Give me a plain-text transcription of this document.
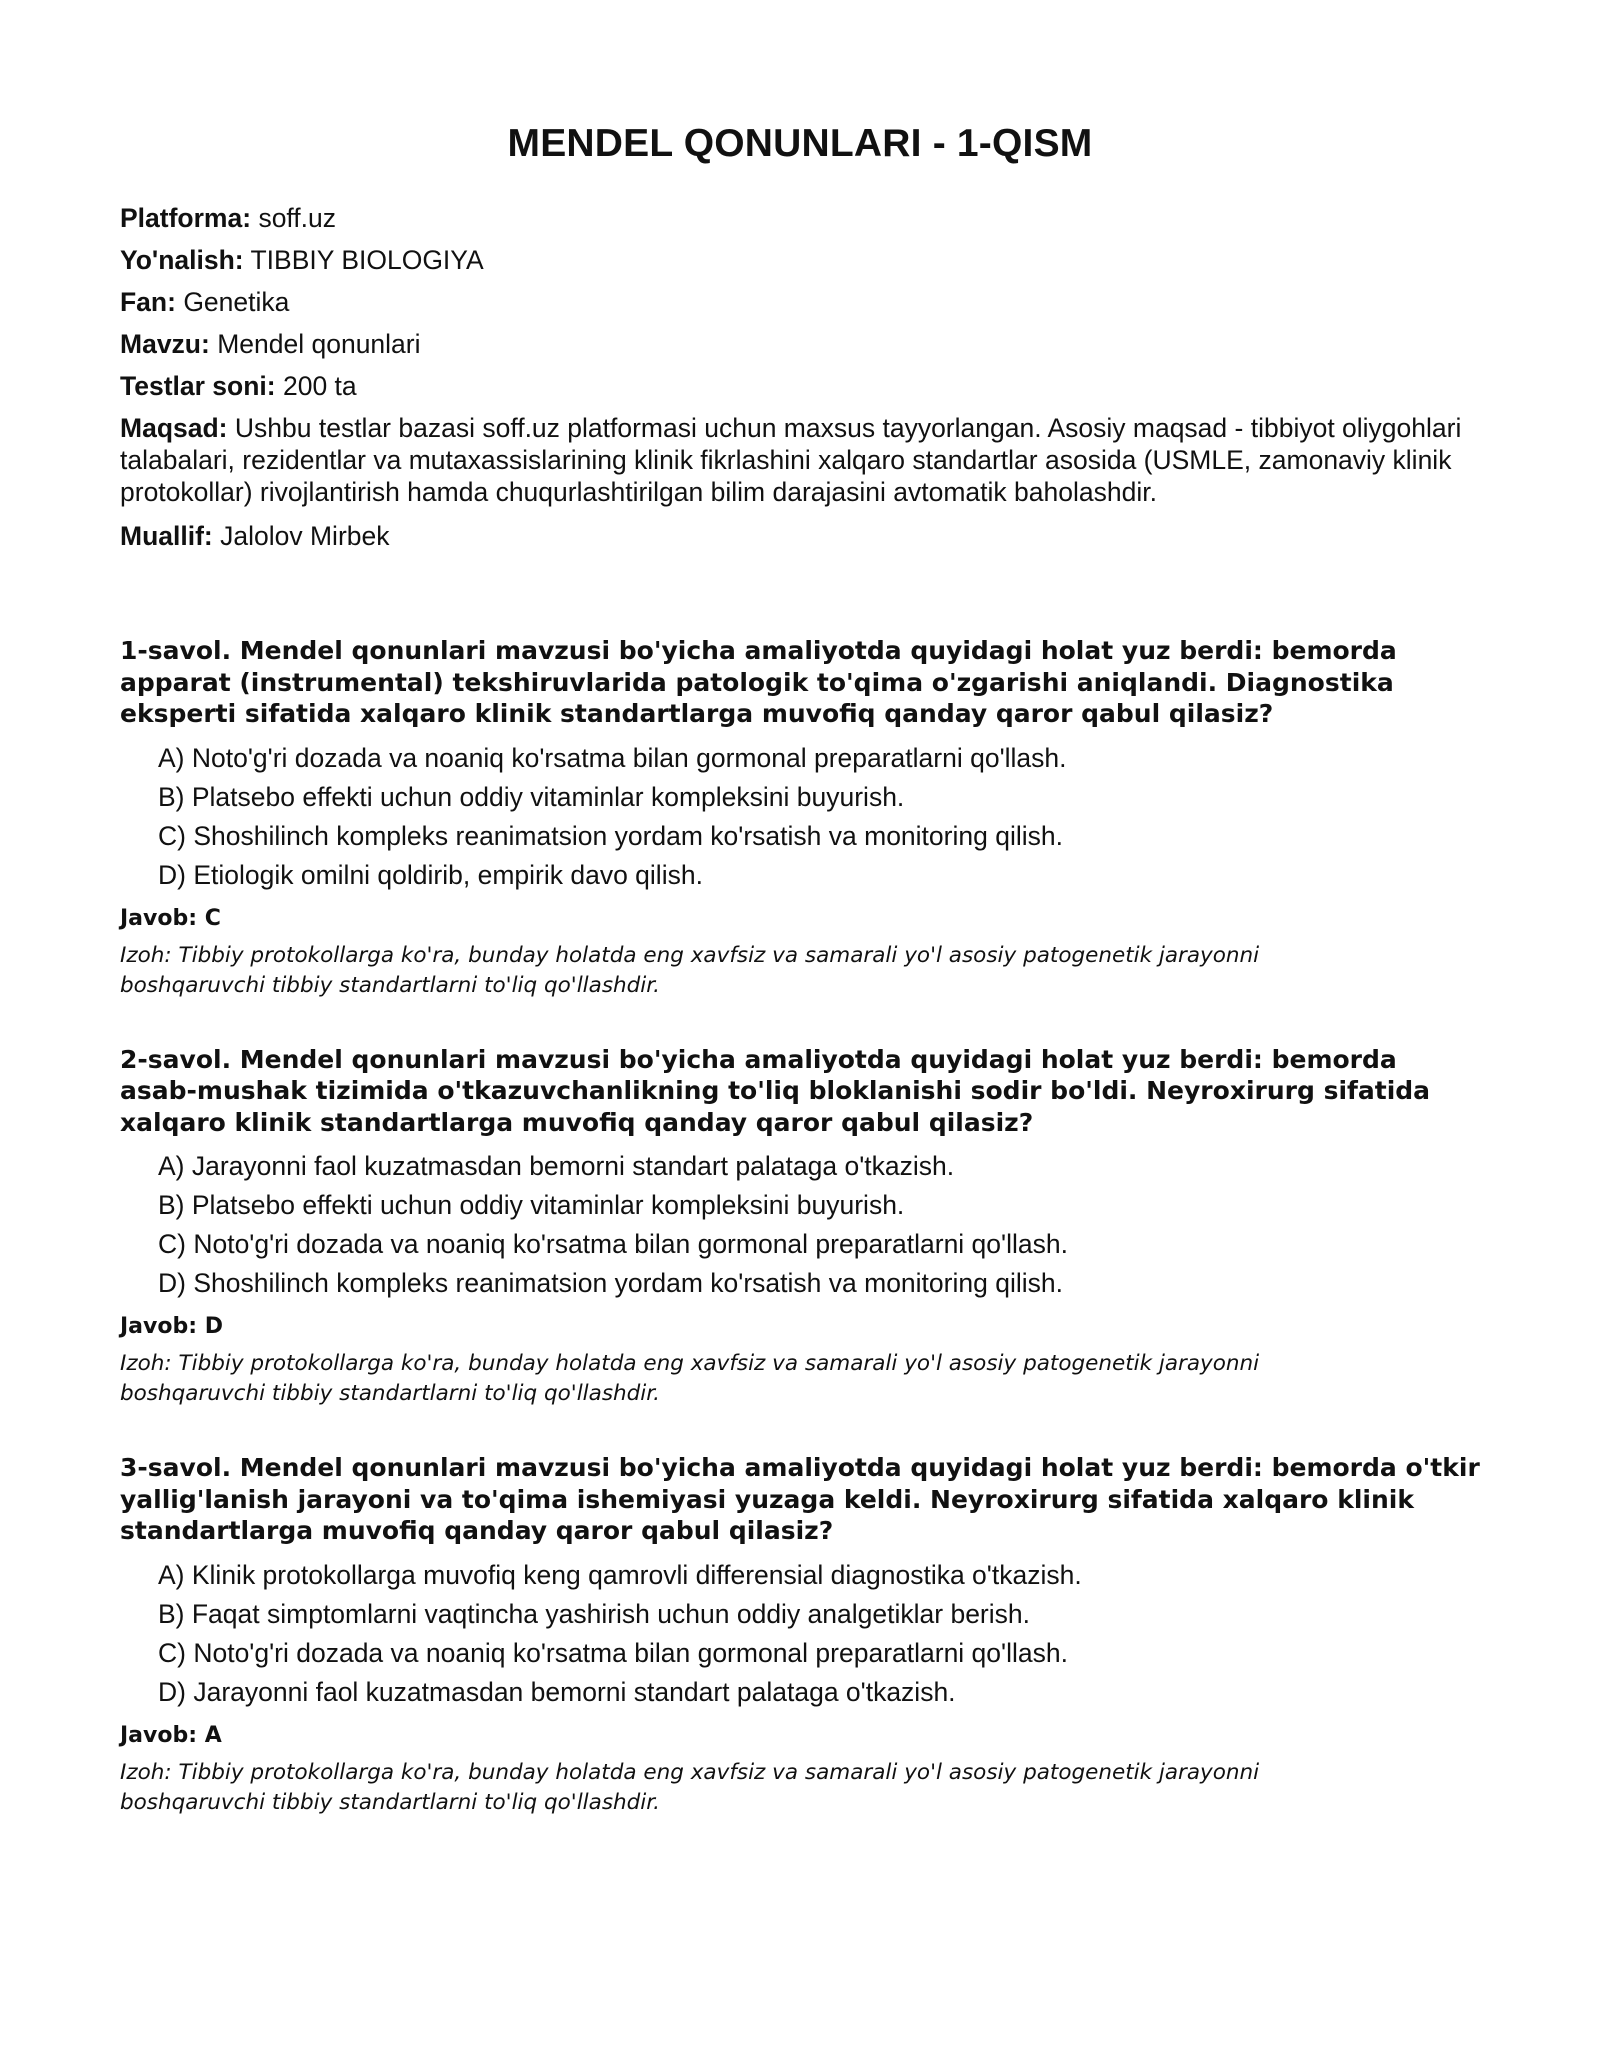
MENDEL QONUNLARI - 1-QISM
Platforma: soff.uz
Yo'nalish: TIBBIY BIOLOGIYA
Fan: Genetika
Mavzu: Mendel qonunlari
Testlar soni: 200 ta
Maqsad: Ushbu testlar bazasi soff.uz platformasi uchun maxsus tayyorlangan. Asosiy maqsad - tibbiyot oliygohlari talabalari, rezidentlar va mutaxassislarining klinik fikrlashini xalqaro standartlar asosida (USMLE, zamonaviy klinik protokollar) rivojlantirish hamda chuqurlashtirilgan bilim darajasini avtomatik baholashdir.
Muallif: Jalolov Mirbek
1-savol. Mendel qonunlari mavzusi bo'yicha amaliyotda quyidagi holat yuz berdi: bemorda apparat (instrumental) tekshiruvlarida patologik to'qima o'zgarishi aniqlandi. Diagnostika eksperti sifatida xalqaro klinik standartlarga muvofiq qanday qaror qabul qilasiz?
A) Noto'g'ri dozada va noaniq ko'rsatma bilan gormonal preparatlarni qo'llash.
B) Platsebo effekti uchun oddiy vitaminlar kompleksini buyurish.
C) Shoshilinch kompleks reanimatsion yordam ko'rsatish va monitoring qilish.
D) Etiologik omilni qoldirib, empirik davo qilish.
Javob: C
Izoh: Tibbiy protokollarga ko'ra, bunday holatda eng xavfsiz va samarali yo'l asosiy patogenetik jarayonni boshqaruvchi tibbiy standartlarni to'liq qo'llashdir.
2-savol. Mendel qonunlari mavzusi bo'yicha amaliyotda quyidagi holat yuz berdi: bemorda asab-mushak tizimida o'tkazuvchanlikning to'liq bloklanishi sodir bo'ldi. Neyroxirurg sifatida xalqaro klinik standartlarga muvofiq qanday qaror qabul qilasiz?
A) Jarayonni faol kuzatmasdan bemorni standart palataga o'tkazish.
B) Platsebo effekti uchun oddiy vitaminlar kompleksini buyurish.
C) Noto'g'ri dozada va noaniq ko'rsatma bilan gormonal preparatlarni qo'llash.
D) Shoshilinch kompleks reanimatsion yordam ko'rsatish va monitoring qilish.
Javob: D
Izoh: Tibbiy protokollarga ko'ra, bunday holatda eng xavfsiz va samarali yo'l asosiy patogenetik jarayonni boshqaruvchi tibbiy standartlarni to'liq qo'llashdir.
3-savol. Mendel qonunlari mavzusi bo'yicha amaliyotda quyidagi holat yuz berdi: bemorda o'tkir yallig'lanish jarayoni va to'qima ishemiyasi yuzaga keldi. Neyroxirurg sifatida xalqaro klinik standartlarga muvofiq qanday qaror qabul qilasiz?
A) Klinik protokollarga muvofiq keng qamrovli differensial diagnostika o'tkazish.
B) Faqat simptomlarni vaqtincha yashirish uchun oddiy analgetiklar berish.
C) Noto'g'ri dozada va noaniq ko'rsatma bilan gormonal preparatlarni qo'llash.
D) Jarayonni faol kuzatmasdan bemorni standart palataga o'tkazish.
Javob: A
Izoh: Tibbiy protokollarga ko'ra, bunday holatda eng xavfsiz va samarali yo'l asosiy patogenetik jarayonni boshqaruvchi tibbiy standartlarni to'liq qo'llashdir.
